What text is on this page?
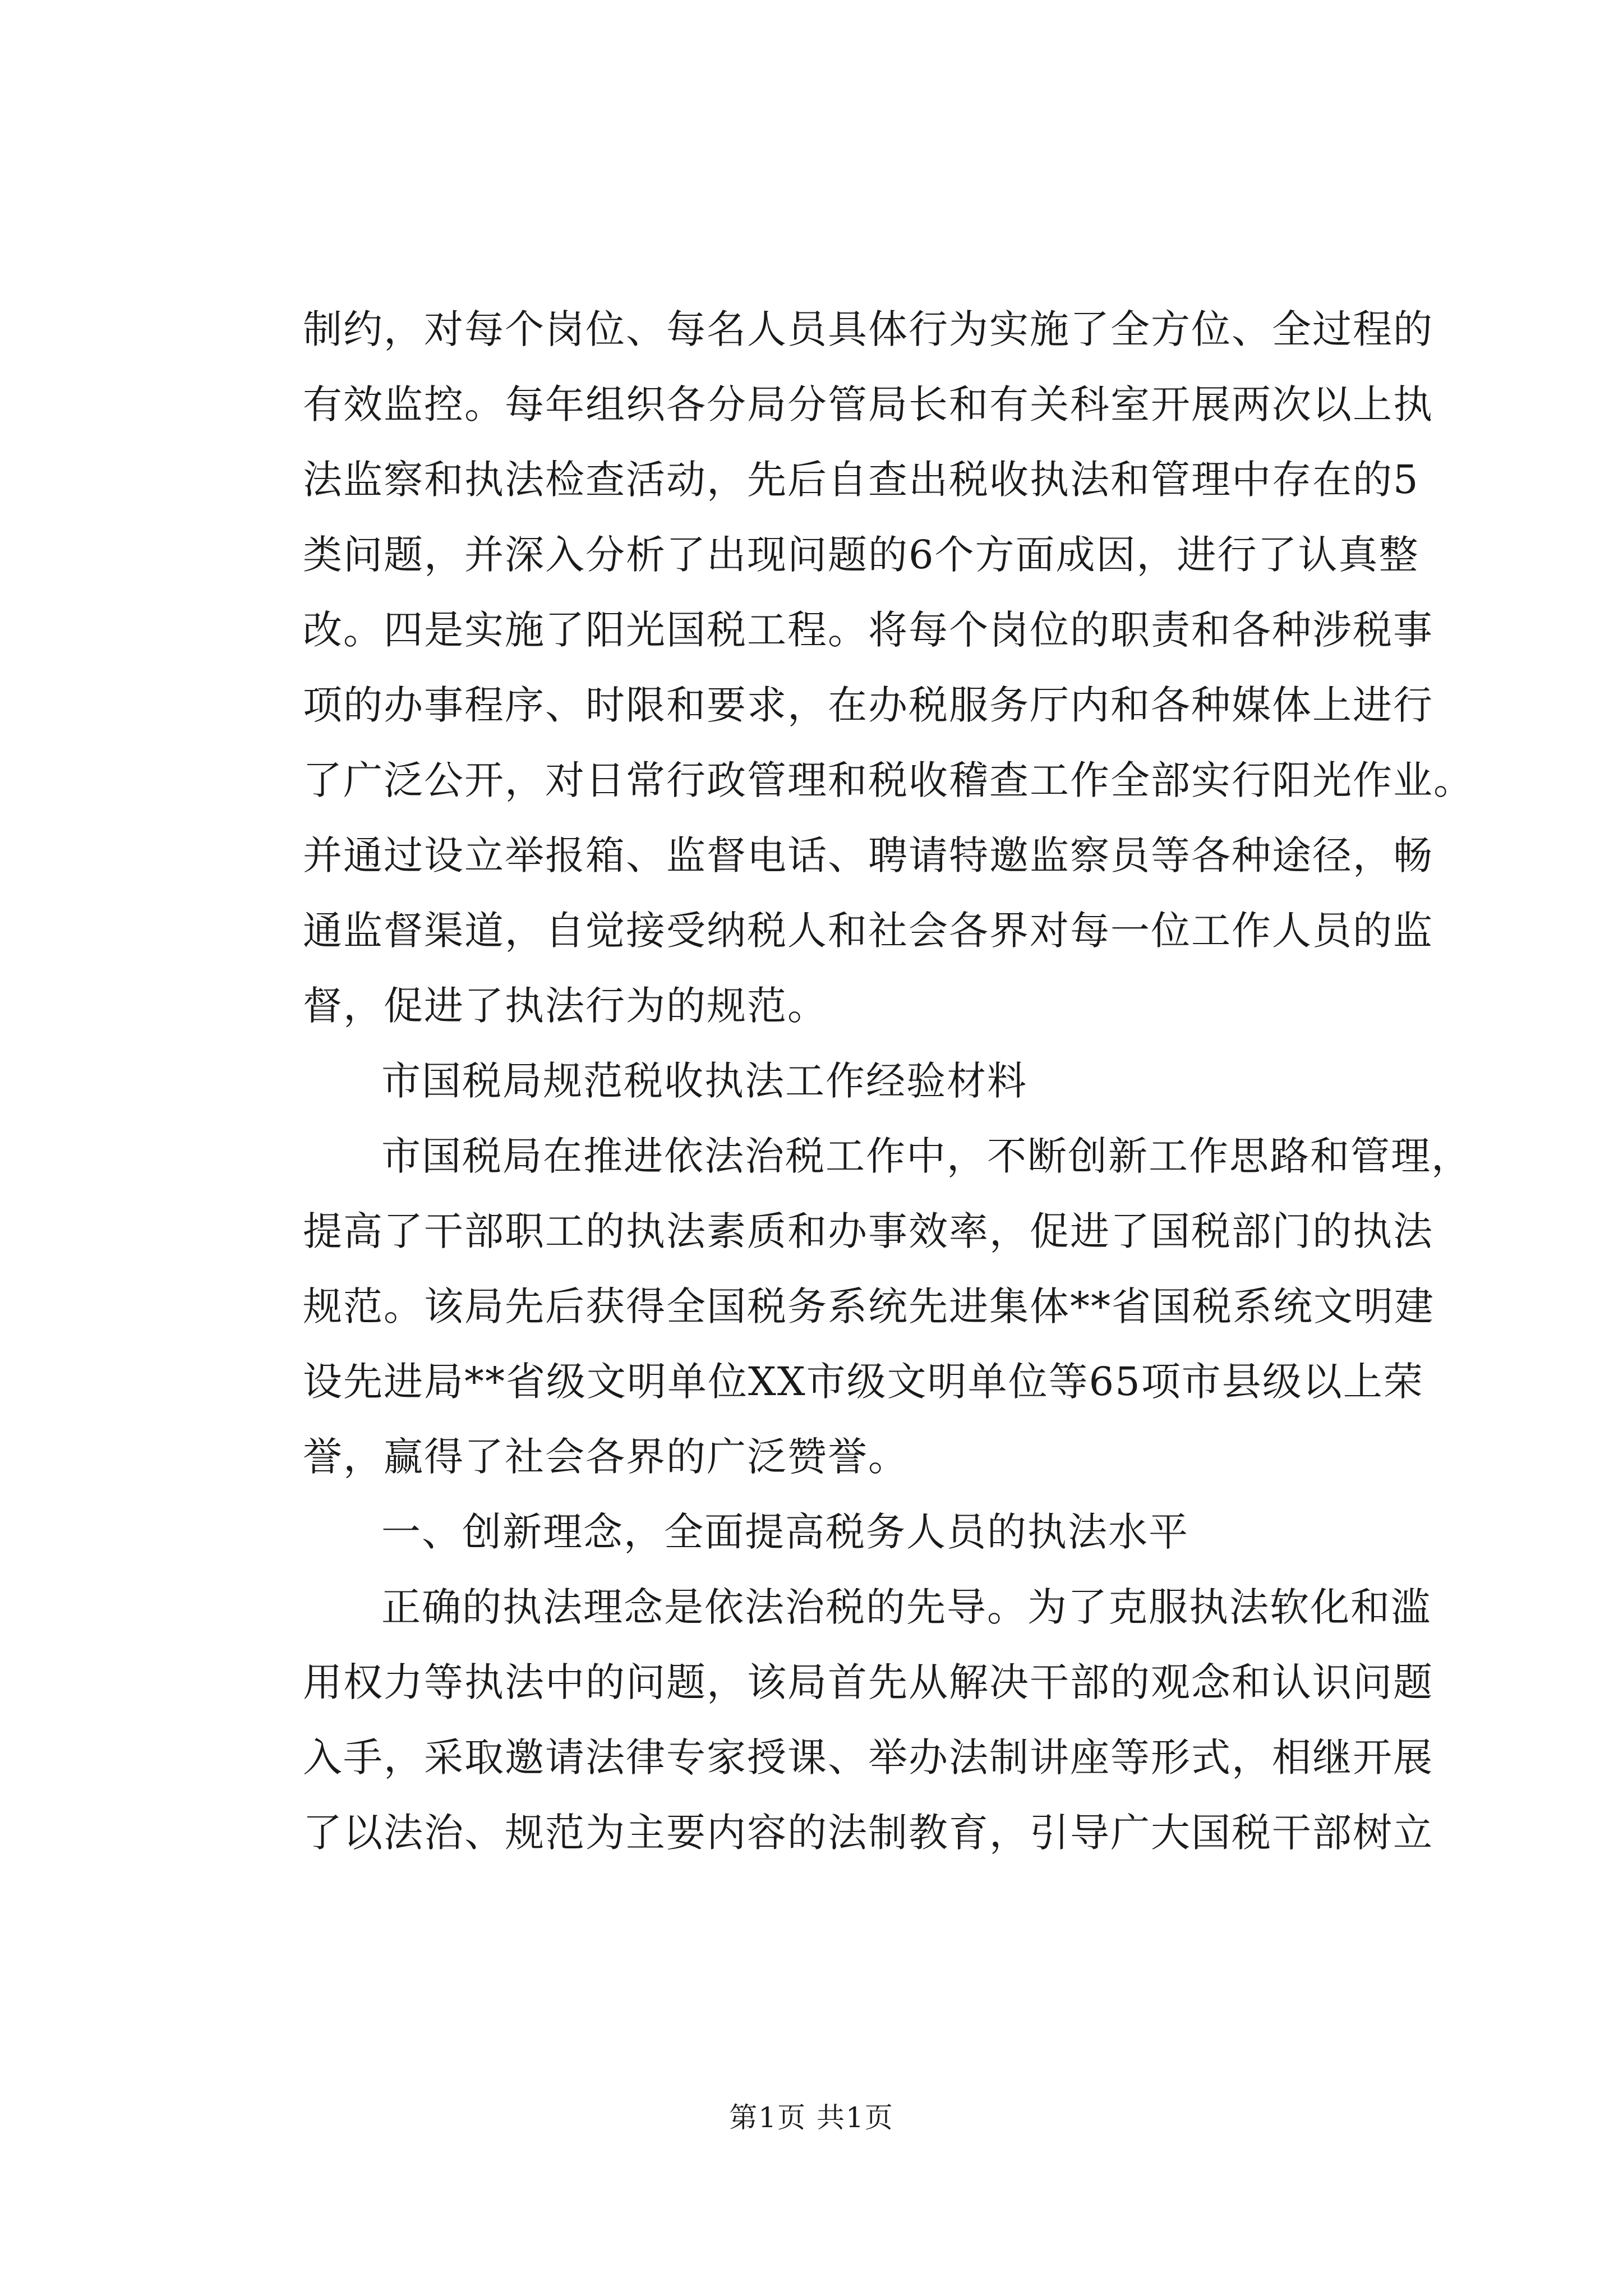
制约，对每个岗位、每名人员具体行为实施了全方位、全过程的
有效监控。每年组织各分局分管局长和有关科室开展两次以上执
法监察和执法检查活动，先后自查出税收执法和管理中存在的5
类问题，并深入分析了出现问题的6个方面成因，进行了认真整
改。四是实施了阳光国税工程。将每个岗位的职责和各种涉税事
项的办事程序、时限和要求，在办税服务厅内和各种媒体上进行
了广泛公开，对日常行政管理和税收稽查工作全部实行阳光作业。
并通过设立举报箱、监督电话、聘请特邀监察员等各种途径，畅
通监督渠道，自觉接受纳税人和社会各界对每一位工作人员的监
督，促进了执法行为的规范。
市国税局规范税收执法工作经验材料
市国税局在推进依法治税工作中，不断创新工作思路和管理，
提高了干部职工的执法素质和办事效率，促进了国税部门的执法
规范。该局先后获得全国税务系统先进集体**省国税系统文明建
设先进局**省级文明单位XX市级文明单位等65项市县级以上荣
誉，赢得了社会各界的广泛赞誉。
一、创新理念，全面提高税务人员的执法水平
正确的执法理念是依法治税的先导。为了克服执法软化和滥
用权力等执法中的问题，该局首先从解决干部的观念和认识问题
入手，采取邀请法律专家授课、举办法制讲座等形式，相继开展
了以法治、规范为主要内容的法制教育，引导广大国税干部树立
第1页 共1页
